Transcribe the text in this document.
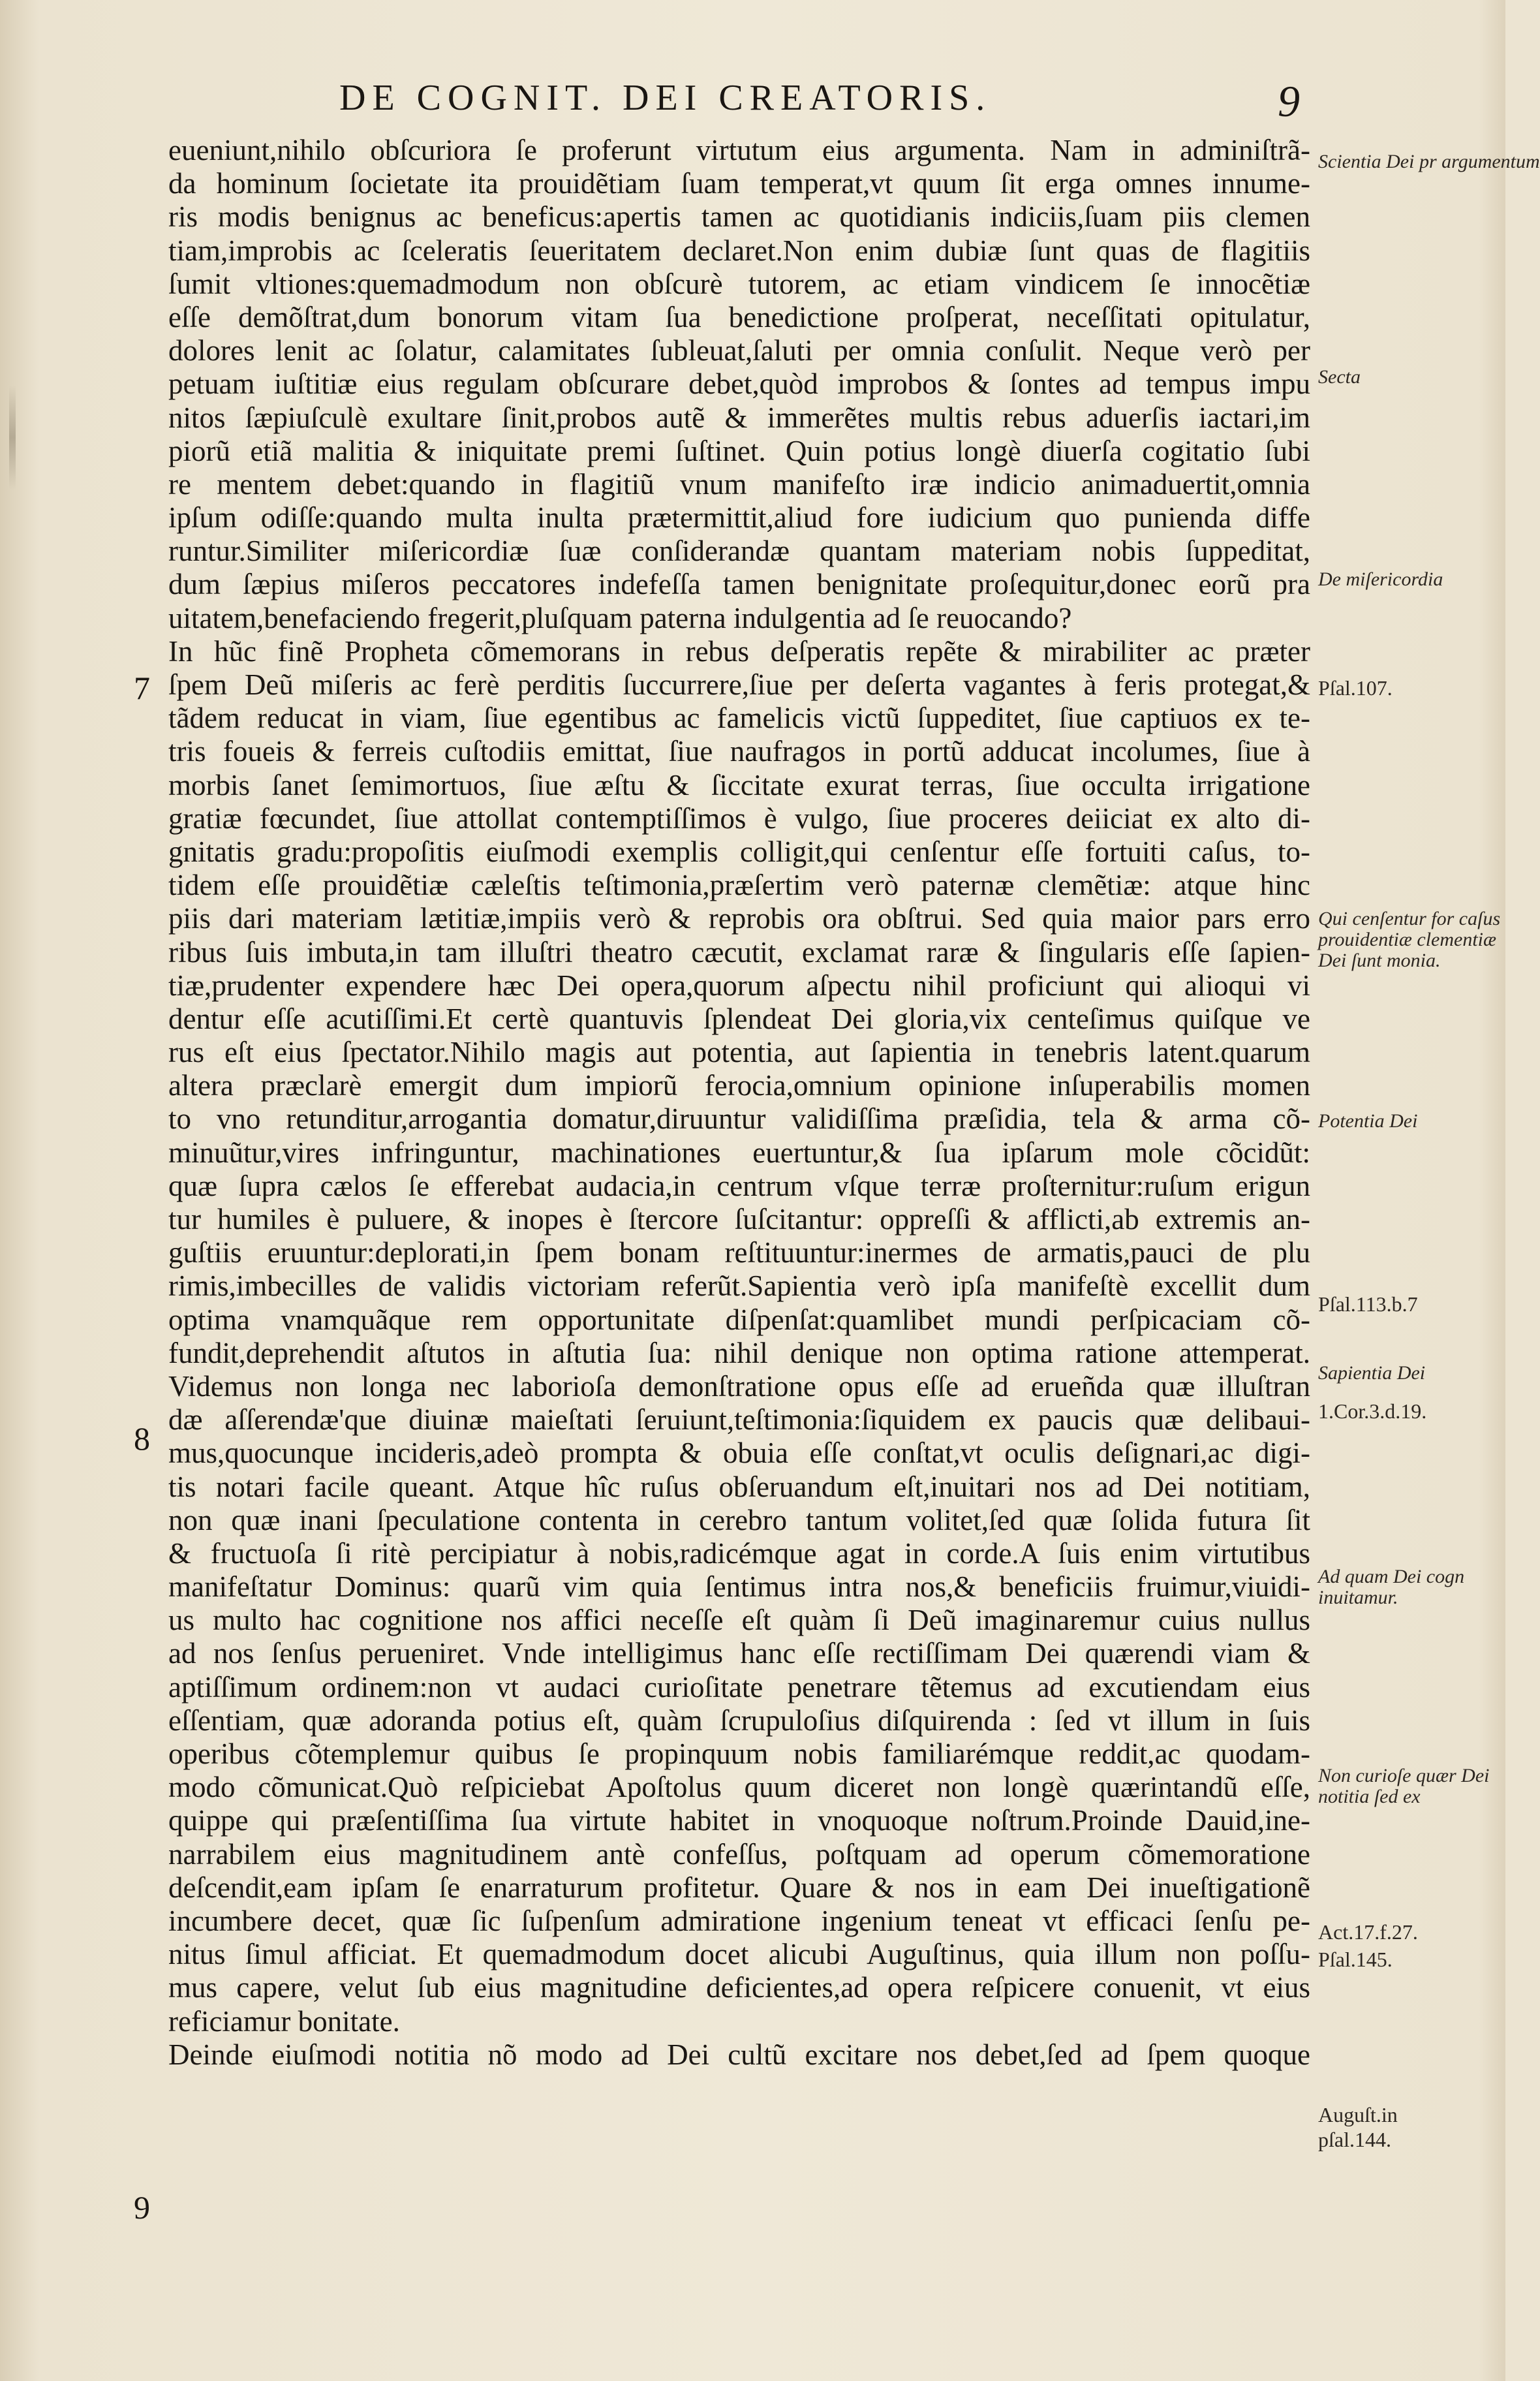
DE COGNIT. DEI CREATORIS.	9
7
8
9
eueniunt,nihilo obſcuriora ſe proferunt virtutum eius argumenta. Nam in adminiſtrã-
da hominum ſocietate ita prouidẽtiam ſuam temperat,vt quum ſit erga omnes innume-
ris modis benignus ac beneficus:apertis tamen ac quotidianis indiciis,ſuam piis clemen
tiam,improbis ac ſceleratis ſeueritatem declaret.Non enim dubiæ ſunt quas de flagitiis
ſumit vltiones:quemadmodum non obſcurè tutorem, ac etiam vindicem ſe innocẽtiæ
eſſe demõſtrat,dum bonorum vitam ſua benedictione proſperat, neceſſitati opitulatur,
dolores lenit ac ſolatur, calamitates ſubleuat,ſaluti per omnia conſulit. Neque verò per
petuam iuſtitiæ eius regulam obſcurare debet,quòd improbos & ſontes ad tempus impu
nitos ſæpiuſculè exultare ſinit,probos autẽ & immerẽtes multis rebus aduerſis iactari,im
piorũ etiã malitia & iniquitate premi ſuſtinet. Quin potius longè diuerſa cogitatio ſubi
re mentem debet:quando in flagitiũ vnum manifeſto iræ indicio animaduertit,omnia
ipſum odiſſe:quando multa inulta prætermittit,aliud fore iudicium quo punienda diffe
runtur.Similiter miſericordiæ ſuæ conſiderandæ quantam materiam nobis ſuppeditat,
dum ſæpius miſeros peccatores indefeſſa tamen benignitate proſequitur,donec eorũ pra
uitatem,benefaciendo fregerit,pluſquam paterna indulgentia ad ſe reuocando?
In hũc finẽ Propheta cõmemorans in rebus deſperatis repẽte & mirabiliter ac præter
ſpem Deũ miſeris ac ferè perditis ſuccurrere,ſiue per deſerta vagantes à feris protegat,&
tãdem reducat in viam, ſiue egentibus ac famelicis victũ ſuppeditet, ſiue captiuos ex te-
tris foueis & ferreis cuſtodiis emittat, ſiue naufragos in portũ adducat incolumes, ſiue à
morbis ſanet ſemimortuos, ſiue æſtu & ſiccitate exurat terras, ſiue occulta irrigatione
gratiæ fœcundet, ſiue attollat contemptiſſimos è vulgo, ſiue proceres deiiciat ex alto di-
gnitatis gradu:propoſitis eiuſmodi exemplis colligit,qui cenſentur eſſe fortuiti caſus, to-
tidem eſſe prouidẽtiæ cæleſtis teſtimonia,præſertim verò paternæ clemẽtiæ: atque hinc
piis dari materiam lætitiæ,impiis verò & reprobis ora obſtrui. Sed quia maior pars erro
ribus ſuis imbuta,in tam illuſtri theatro cæcutit, exclamat raræ & ſingularis eſſe ſapien-
tiæ,prudenter expendere hæc Dei opera,quorum aſpectu nihil proficiunt qui alioqui vi
dentur eſſe acutiſſimi.Et certè quantuvis ſplendeat Dei gloria,vix centeſimus quiſque ve
rus eſt eius ſpectator.Nihilo magis aut potentia, aut ſapientia in tenebris latent.quarum
altera præclarè emergit dum impiorũ ferocia,omnium opinione inſuperabilis momen
to vno retunditur,arrogantia domatur,diruuntur validiſſima præſidia, tela & arma cõ-
minuũtur,vires infringuntur, machinationes euertuntur,& ſua ipſarum mole cõcidũt:
quæ ſupra cælos ſe efferebat audacia,in centrum vſque terræ proſternitur:ruſum erigun
tur humiles è puluere, & inopes è ſtercore ſuſcitantur: oppreſſi & afflicti,ab extremis an-
guſtiis eruuntur:deplorati,in ſpem bonam reſtituuntur:inermes de armatis,pauci de plu
rimis,imbecilles de validis victoriam referũt.Sapientia verò ipſa manifeſtè excellit dum
optima vnamquãque rem opportunitate diſpenſat:quamlibet mundi perſpicaciam cõ-
fundit,deprehendit aſtutos in aſtutia ſua: nihil denique non optima ratione attemperat.
Videmus non longa nec laborioſa demonſtratione opus eſſe ad erueñda quæ illuſtran
dæ aſſerendæ'que diuinæ maieſtati ſeruiunt,teſtimonia:ſiquidem ex paucis quæ delibaui-
mus,quocunque incideris,adeò prompta & obuia eſſe conſtat,vt oculis deſignari,ac digi-
tis notari facile queant. Atque hîc ruſus obſeruandum eſt,inuitari nos ad Dei notitiam,
non quæ inani ſpeculatione contenta in cerebro tantum volitet,ſed quæ ſolida futura ſit
& fructuoſa ſi ritè percipiatur à nobis,radicémque agat in corde.A ſuis enim virtutibus
manifeſtatur Dominus: quarũ vim quia ſentimus intra nos,& beneficiis fruimur,viuidi-
us multo hac cognitione nos affici neceſſe eſt quàm ſi Deũ imaginaremur cuius nullus
ad nos ſenſus perueniret. Vnde intelligimus hanc eſſe rectiſſimam Dei quærendi viam &
aptiſſimum ordinem:non vt audaci curioſitate penetrare tẽtemus ad excutiendam eius
eſſentiam, quæ adoranda potius eſt, quàm ſcrupuloſius diſquirenda : ſed vt illum in ſuis
operibus cõtemplemur quibus ſe propinquum nobis familiarémque reddit,ac quodam-
modo cõmunicat.Quò reſpiciebat Apoſtolus quum diceret non longè quærintandũ eſſe,
quippe qui præſentiſſima ſua virtute habitet in vnoquoque noſtrum.Proinde Dauid,ine-
narrabilem eius magnitudinem antè confeſſus, poſtquam ad operum cõmemoratione
deſcendit,eam ipſam ſe enarraturum profitetur. Quare & nos in eam Dei inueſtigationẽ
incumbere decet, quæ ſic ſuſpenſum admiratione ingenium teneat vt efficaci ſenſu pe-
nitus ſimul afficiat. Et quemadmodum docet alicubi Auguſtinus, quia illum non poſſu-
mus capere, velut ſub eius magnitudine deficientes,ad opera reſpicere conuenit, vt eius
reficiamur bonitate.
Deinde eiuſmodi notitia nõ modo ad Dei cultũ excitare nos debet,ſed ad ſpem quoque
Scientia Dei pr argumentum
Secta
De miſericordia
Pſal.107.
Qui cenſentur for caſus prouidentiæ clementiæ Dei ſunt monia.
Potentia Dei
Pſal.113.b.7
Sapientia Dei
1.Cor.3.d.19.
Ad quam Dei cogn inuitamur.
Non curioſe quær Dei notitia ſed ex
Act.17.f.27.
Pſal.145.
Auguſt.in
pſal.144.
